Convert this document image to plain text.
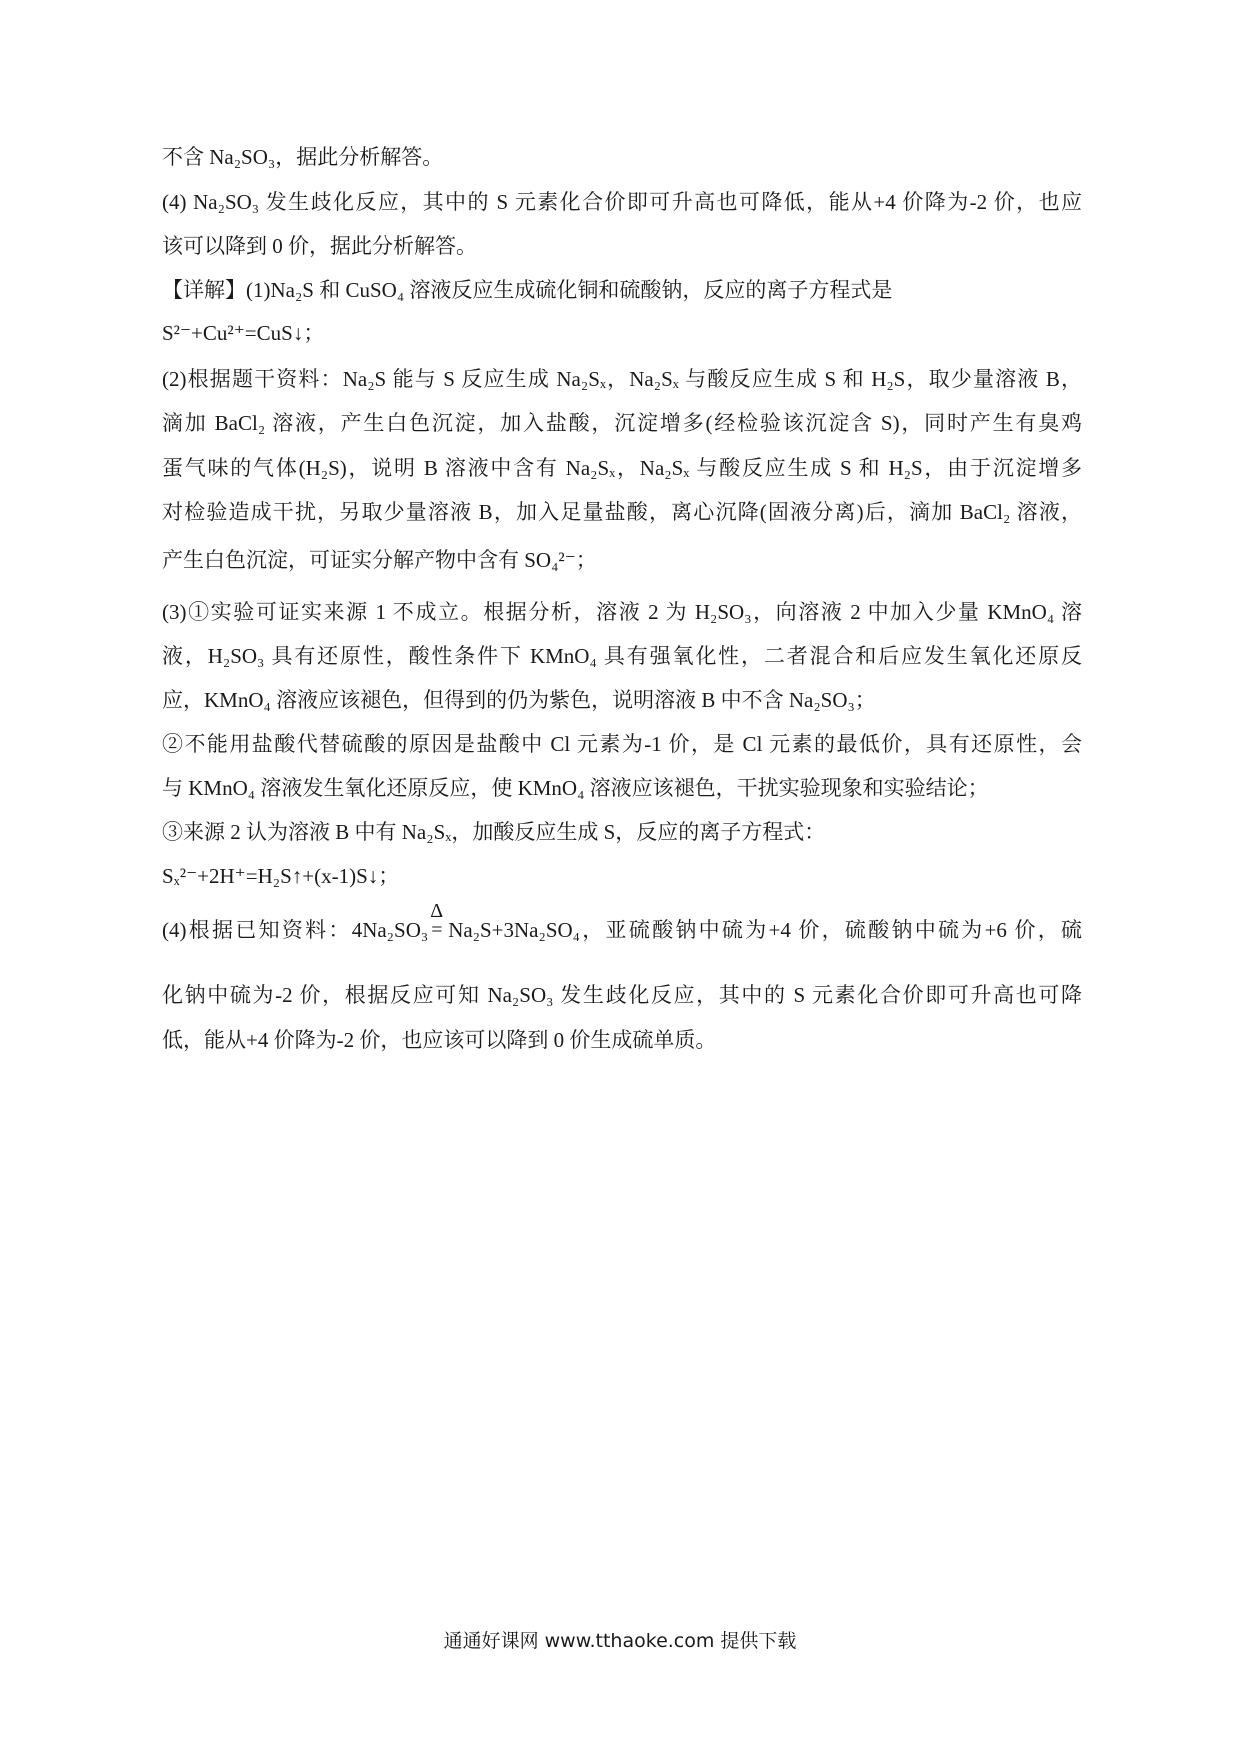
不含 Na₂SO₃，据此分析解答。
(4) Na₂SO₃ 发生歧化反应，其中的 S 元素化合价即可升高也可降低，能从+4 价降为-2 价，也应
该可以降到 0 价，据此分析解答。
【详解】(1)Na₂S 和 CuSO₄ 溶液反应生成硫化铜和硫酸钠，反应的离子方程式是
S²⁻+Cu²⁺=CuS↓；
(2)根据题干资料：Na₂S 能与 S 反应生成 Na₂Sₓ，Na₂Sₓ 与酸反应生成 S 和 H₂S，取少量溶液 B，
滴加 BaCl₂ 溶液，产生白色沉淀，加入盐酸，沉淀增多(经检验该沉淀含 S)，同时产生有臭鸡
蛋气味的气体(H₂S)，说明 B 溶液中含有 Na₂Sₓ，Na₂Sₓ 与酸反应生成 S 和 H₂S，由于沉淀增多
对检验造成干扰，另取少量溶液 B，加入足量盐酸，离心沉降(固液分离)后，滴加 BaCl₂ 溶液，
产生白色沉淀，可证实分解产物中含有 SO₄²⁻；
(3)①实验可证实来源 1 不成立。根据分析，溶液 2 为 H₂SO₃，向溶液 2 中加入少量 KMnO₄ 溶
液，H₂SO₃ 具有还原性，酸性条件下 KMnO₄ 具有强氧化性，二者混合和后应发生氧化还原反
应，KMnO₄ 溶液应该褪色，但得到的仍为紫色，说明溶液 B 中不含 Na₂SO₃；
②不能用盐酸代替硫酸的原因是盐酸中 Cl 元素为-1 价，是 Cl 元素的最低价，具有还原性，会
与 KMnO₄ 溶液发生氧化还原反应，使 KMnO₄ 溶液应该褪色，干扰实验现象和实验结论；
③来源 2 认为溶液 B 中有 Na₂Sₓ，加酸反应生成 S，反应的离子方程式：
Sₓ²⁻+2H⁺=H₂S↑+(x-1)S↓；
(4)根据已知资料：4Na₂SO₃
Δ
= Na₂S+3Na₂SO₄，亚硫酸钠中硫为+4 价，硫酸钠中硫为+6 价，硫
化钠中硫为-2 价，根据反应可知 Na₂SO₃ 发生歧化反应，其中的 S 元素化合价即可升高也可降
低，能从+4 价降为-2 价，也应该可以降到 0 价生成硫单质。
通通好课网 www.tthaoke.com 提供下载
